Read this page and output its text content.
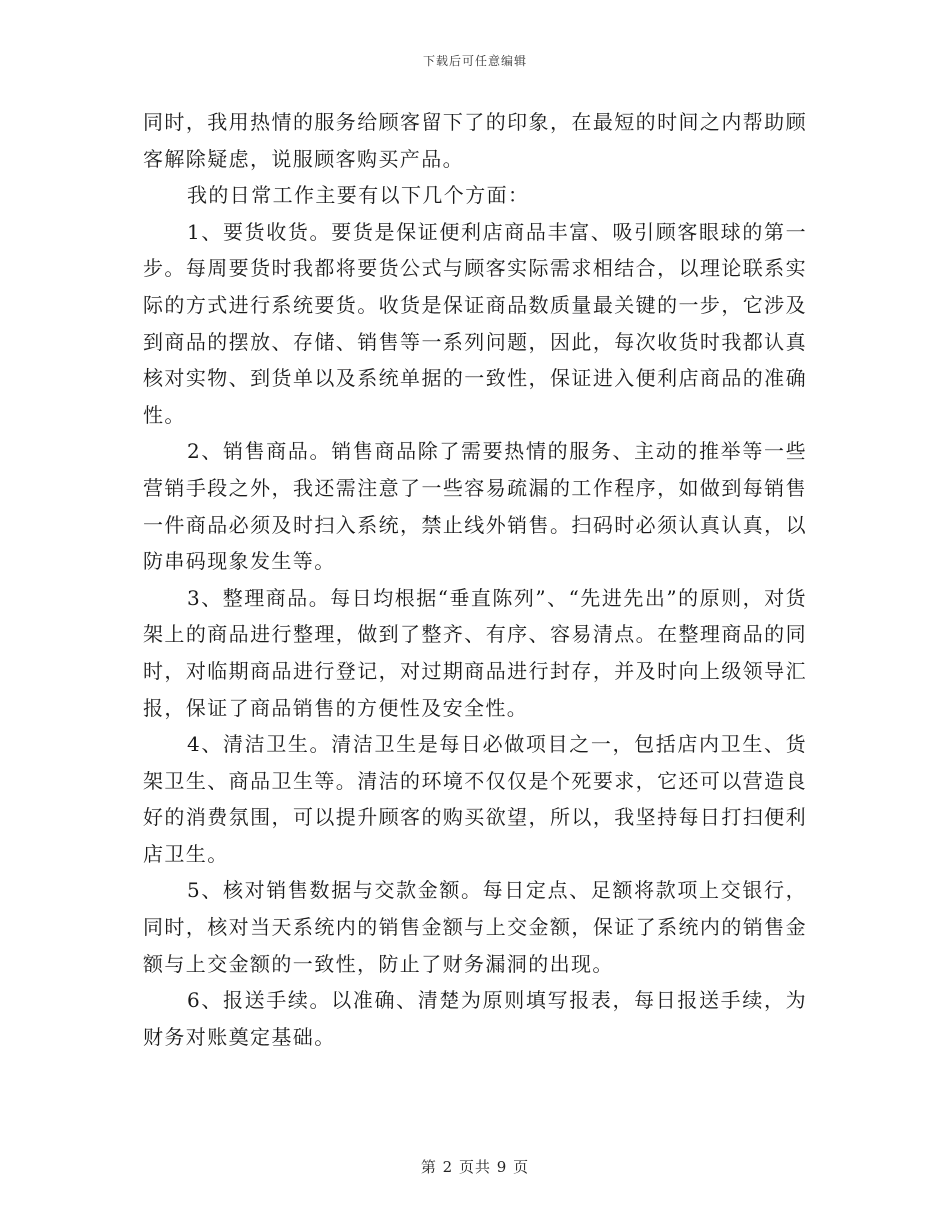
下载后可任意编辑

同时，我用热情的服务给顾客留下了的印象，在最短的时间之内帮助顾客解除疑虑，说服顾客购买产品。

我的日常工作主要有以下几个方面：

1、要货收货。要货是保证便利店商品丰富、吸引顾客眼球的第一步。每周要货时我都将要货公式与顾客实际需求相结合，以理论联系实际的方式进行系统要货。收货是保证商品数质量最关键的一步，它涉及到商品的摆放、存储、销售等一系列问题，因此，每次收货时我都认真核对实物、到货单以及系统单据的一致性，保证进入便利店商品的准确性。

2、销售商品。销售商品除了需要热情的服务、主动的推举等一些营销手段之外，我还需注意了一些容易疏漏的工作程序，如做到每销售一件商品必须及时扫入系统，禁止线外销售。扫码时必须认真认真，以防串码现象发生等。

3、整理商品。每日均根据“垂直陈列”、“先进先出”的原则，对货架上的商品进行整理，做到了整齐、有序、容易清点。在整理商品的同时，对临期商品进行登记，对过期商品进行封存，并及时向上级领导汇报，保证了商品销售的方便性及安全性。

4、清洁卫生。清洁卫生是每日必做项目之一，包括店内卫生、货架卫生、商品卫生等。清洁的环境不仅仅是个死要求，它还可以营造良好的消费氛围，可以提升顾客的购买欲望，所以，我坚持每日打扫便利店卫生。

5、核对销售数据与交款金额。每日定点、足额将款项上交银行，同时，核对当天系统内的销售金额与上交金额，保证了系统内的销售金额与上交金额的一致性，防止了财务漏洞的出现。

6、报送手续。以准确、清楚为原则填写报表，每日报送手续，为财务对账奠定基础。

第 2 页共 9 页
